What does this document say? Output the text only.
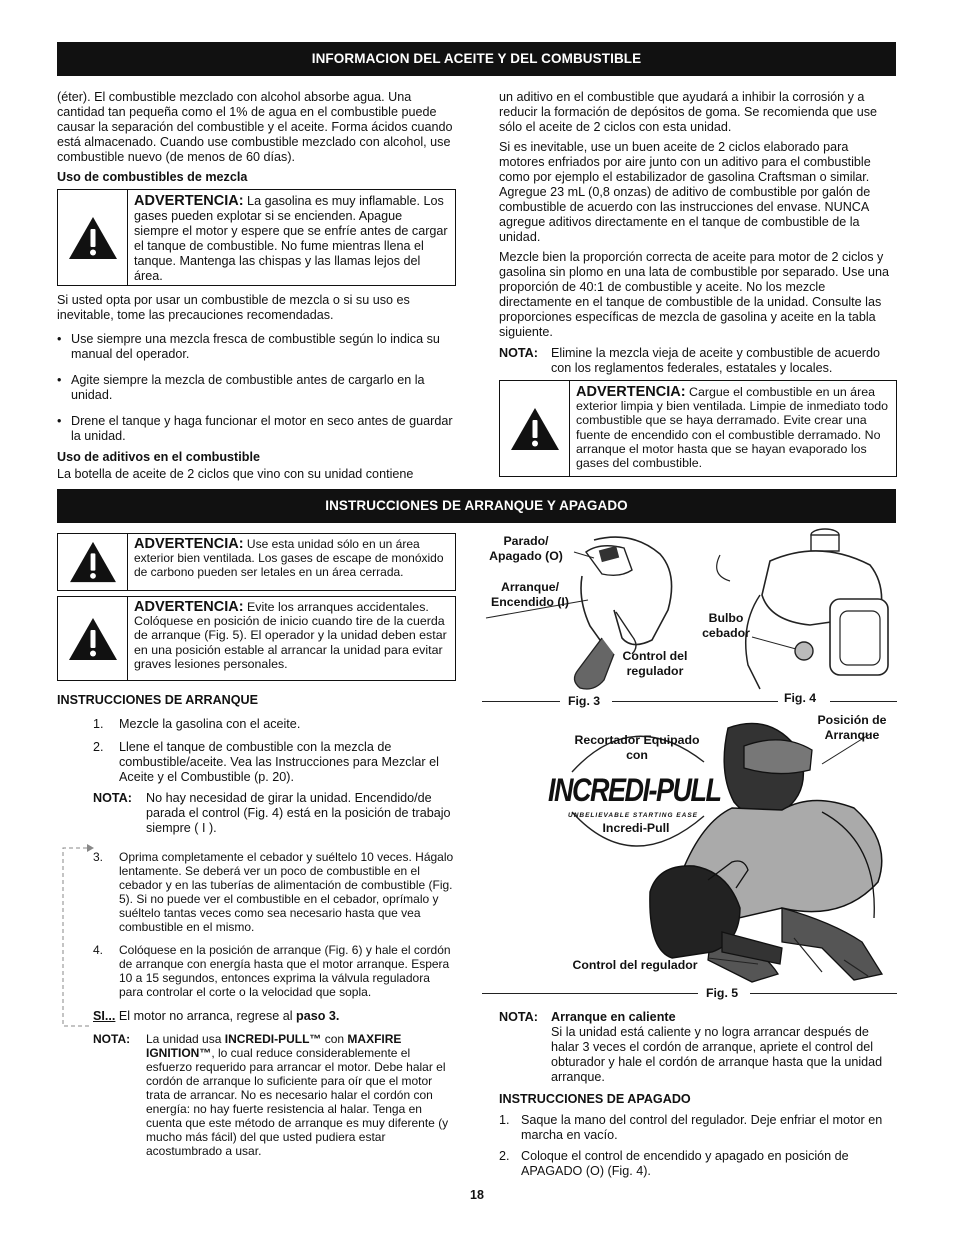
INFORMACION DEL ACEITE Y DEL COMBUSTIBLE

(éter). El combustible mezclado con alcohol absorbe agua. Una cantidad tan pequeña como el 1% de agua en el combustible puede causar la separación del combustible y el aceite. Forma ácidos cuando está almacenado. Cuando use combustible mezclado con alcohol, use combustible nuevo (de menos de 60 días).

Uso de combustibles de mezcla

ADVERTENCIA: La gasolina es muy inflamable. Los gases pueden explotar si se encienden. Apague siempre el motor y espere que se enfríe antes de cargar el tanque de combustible. No fume mientras llena el tanque. Mantenga las chispas y las llamas lejos del área.

Si usted opta por usar un combustible de mezcla o si su uso es inevitable, tome las precauciones recomendadas.

• Use siempre una mezcla fresca de combustible según lo indica su manual del operador.
• Agite siempre la mezcla de combustible antes de cargarlo en la unidad.
• Drene el tanque y haga funcionar el motor en seco antes de guardar la unidad.

Uso de aditivos en el combustible

La botella de aceite de 2 ciclos que vino con su unidad contiene

un aditivo en el combustible que ayudará a inhibir la corrosión y a reducir la formación de depósitos de goma. Se recomienda que use sólo el aceite de 2 ciclos con esta unidad.

Si es inevitable, use un buen aceite de 2 ciclos elaborado para motores enfriados por aire junto con un aditivo para el combustible como por ejemplo el estabilizador de gasolina Craftsman o similar. Agregue 23 mL (0,8 onzas) de aditivo de combustible por galón de combustible de acuerdo con las instrucciones del envase. NUNCA agregue aditivos directamente en el tanque de combustible de la unidad.

Mezcle bien la proporción correcta de aceite para motor de 2 ciclos y gasolina sin plomo en una lata de combustible por separado. Use una proporción de 40:1 de combustible y aceite. No los mezcle directamente en el tanque de combustible de la unidad. Consulte las proporciones específicas de mezcla de gasolina y aceite en la tabla siguiente.

NOTA:	Elimine la mezcla vieja de aceite y combustible de acuerdo con los reglamentos federales, estatales y locales.
ADVERTENCIA: Cargue el combustible en un área exterior limpia y bien ventilada. Limpie de inmediato todo combustible que se haya derramado. Evite crear una fuente de encendido con el combustible derramado. No arranque el motor hasta que se hayan evaporado los gases del combustible.
INSTRUCCIONES DE ARRANQUE Y APAGADO
ADVERTENCIA: Use esta unidad sólo en un área exterior bien ventilada. Los gases de escape de monóxido de carbono pueden ser letales en un área cerrada.
ADVERTENCIA: Evite los arranques accidentales. Colóquese en posición de inicio cuando tire de la cuerda de arranque (Fig. 5). El operador y la unidad deben estar en una posición estable al arrancar la unidad para evitar graves lesiones personales.

INSTRUCCIONES DE ARRANQUE

1.	Mezcle la gasolina con el aceite.
2.	Llene el tanque de combustible con la mezcla de combustible/aceite. Vea las Instrucciones para Mezclar el Aceite y el Combustible (p. 20).
NOTA:	No hay necesidad de girar la unidad. Encendido/de parada el control (Fig. 4) está en la posición de trabajo siempre ( I ).
3.	Oprima completamente el cebador y suéltelo 10 veces. Hágalo lentamente. Se deberá ver un poco de combustible en el cebador y en las tuberías de alimentación de combustible (Fig. 5). Si no puede ver el combustible en el cebador, oprímalo y suéltelo tantas veces como sea necesario hasta que vea combustible en el mismo.
4.	Colóquese en la posición de arranque (Fig. 6) y hale el cordón de arranque con energía hasta que el motor arranque. Espera 10 a 15 segundos, entonces exprima la válvula reguladora para controlar el corte o la velocidad que sopla.
SI... El motor no arranca, regrese al paso 3.
NOTA:	La unidad usa INCREDI-PULL™ con MAXFIRE IGNITION™, lo cual reduce considerablemente el esfuerzo requerido para arrancar el motor. Debe halar el cordón de arranque lo suficiente para oír que el motor trata de arrancar. No es necesario halar el cordón con energía: no hay fuerte resistencia al halar. Tenga en cuenta que este método de arranque es muy diferente (y mucho más fácil) del que usted pudiera estar acostumbrado a usar.
Parado/ Apagado (O)
Arranque/ Encendido (I)
Control del regulador
Bulbo cebador
Fig. 3	Fig. 4
Posición de Arranque
Recortador Equipado con
INCREDI-PULL
UNBELIEVABLE STARTING EASE
Incredi-Pull
Control del regulador
Fig. 5
NOTA:	Arranque en caliente
Si la unidad está caliente y no logra arrancar después de halar 3 veces el cordón de arranque, apriete el control del obturador y hale el cordón de arranque hasta que la unidad arranque.

INSTRUCCIONES DE APAGADO

1. Saque la mano del control del regulador. Deje enfriar el motor en marcha en vacío.
2. Coloque el control de encendido y apagado en posición de APAGADO (O) (Fig. 4).
18
